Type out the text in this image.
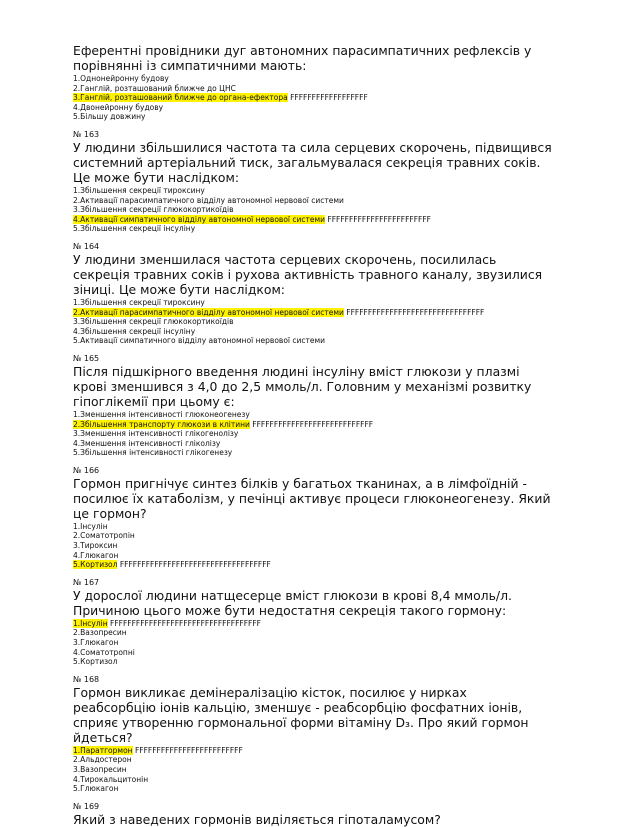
Еферентні провідники дуг автономних парасимпатичних рефлексів у порівнянні із симпатичними мають:

1.Однонейронну будову
2.Ганглій, розташований ближче до ЦНС
3.Ганглій, розташований ближче до органа-ефектора FFFFFFFFFFFFFFFFFF
4.Двонейронну будову
5.Більшу довжину
№ 163

У людини збільшилися частота та сила серцевих скорочень, підвищився системний артеріальний тиск, загальмувалася секреція травних соків. Це може бути наслідком:

1.Збільшення секреції тироксину
2.Активації парасимпатичного відділу автономної нервової системи
3.Збільшення секреції глюкокортикоїдів
4.Активації симпатичного відділу автономної нервової системи FFFFFFFFFFFFFFFFFFFFFFFF
5.Збільшення секреції інсуліну
№ 164

У людини зменшилася частота серцевих скорочень, посилилась секреція травних соків і рухова активність травного каналу, звузилися зіниці. Це може бути наслідком:

1.Збільшення секреції тироксину
2.Активації парасимпатичного відділу автономної нервової системи FFFFFFFFFFFFFFFFFFFFFFFFFFFFFFFF
3.Збільшення секреції глюкокортикоїдів
4.Збільшення секреції інсуліну
5.Активації симпатичного відділу автономної нервової системи
№ 165

Після підшкірного введення людині інсуліну вміст глюкози у плазмі крові зменшився з 4,0 до 2,5 ммоль/л. Головним у механізмі розвитку гіпоглікемії при цьому є:

1.Зменшення інтенсивності глюконеогенезу
2.Збільшення транспорту глюкози в клітини FFFFFFFFFFFFFFFFFFFFFFFFFFFF
3.Зменшення інтенсивності глікогенолізу
4.Зменшення інтенсивності гліколізу
5.Збільшення інтенсивності глікогенезу
№ 166

Гормон пригнічує синтез білків у багатьох тканинах, а в лімфоїдній - посилює їх катаболізм, у печінці активує процеси глюконеогенезу. Який це гормон?

1.Інсулін
2.Соматотропін
3.Тироксин
4.Глюкагон
5.Кортизол FFFFFFFFFFFFFFFFFFFFFFFFFFFFFFFFFFF
№ 167

У дорослої людини натщесерце вміст глюкози в крові 8,4 ммоль/л. Причиною цього може бути недостатня секреція такого гормону:

1.Інсулін FFFFFFFFFFFFFFFFFFFFFFFFFFFFFFFFFFF
2.Вазопресин
3.Глюкагон
4.Соматотропні
5.Кортизол
№ 168

Гормон викликає демінералізацію кісток, посилює у нирках реабсорбцію іонів кальцію, зменшує - реабсорбцію фосфатних іонів, сприяє утворенню гормональної форми вітаміну D₃. Про який гормон йдеться?

1.Паратгормон FFFFFFFFFFFFFFFFFFFFFFFFF
2.Альдостерон
3.Вазопресин
4.Тирокальцитонін
5.Глюкагон
№ 169

Який з наведених гормонів виділяється гіпоталамусом?
